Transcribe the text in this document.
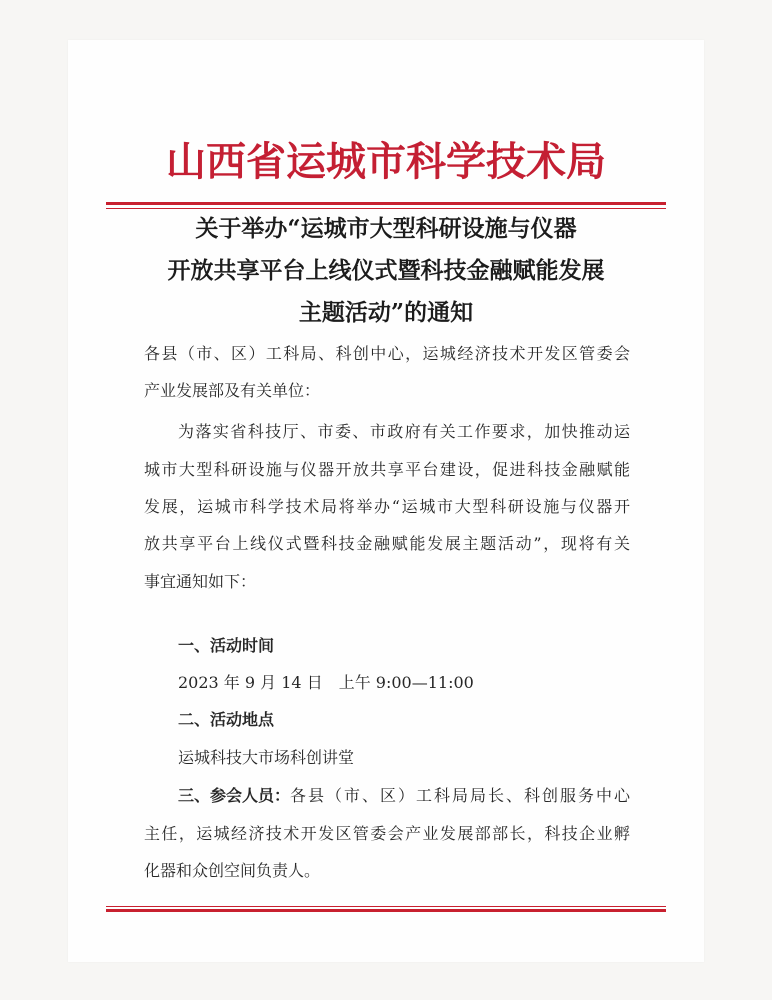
山西省运城市科学技术局
关于举办“运城市大型科研设施与仪器
开放共享平台上线仪式暨科技金融赋能发展
主题活动”的通知
各县（市、区）工科局、科创中心，运城经济技术开发区管委会
产业发展部及有关单位：
为落实省科技厅、市委、市政府有关工作要求，加快推动运
城市大型科研设施与仪器开放共享平台建设，促进科技金融赋能
发展，运城市科学技术局将举办“运城市大型科研设施与仪器开
放共享平台上线仪式暨科技金融赋能发展主题活动”，现将有关
事宜通知如下：
一、活动时间
2023 年 9 月 14 日　上午 9:00—11:00
二、活动地点
运城科技大市场科创讲堂
三、参会人员： 各县（市、区）工科局局长、科创服务中心
主任，运城经济技术开发区管委会产业发展部部长，科技企业孵
化器和众创空间负责人。
